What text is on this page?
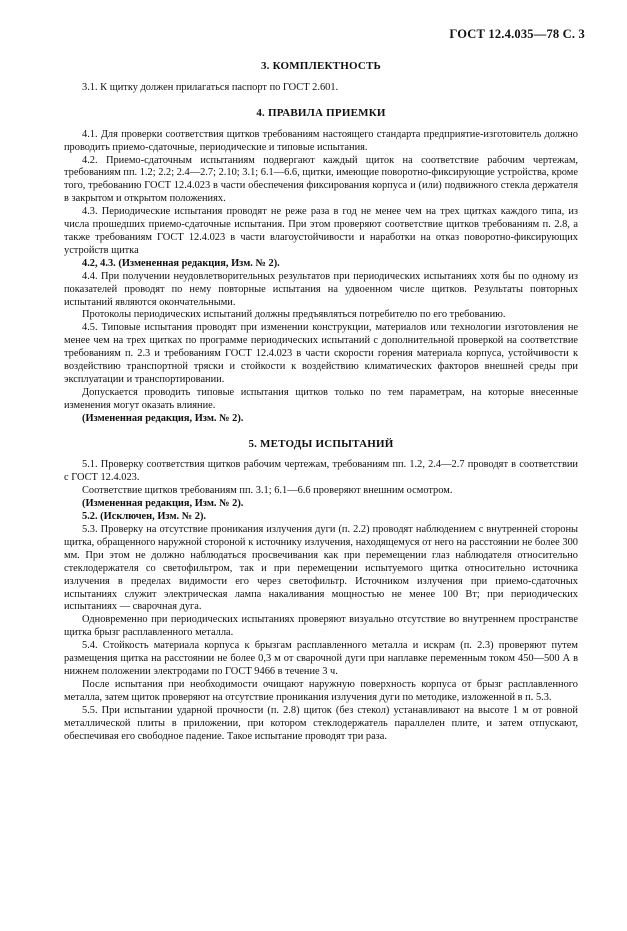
ГОСТ 12.4.035—78 С. 3
3. КОМПЛЕКТНОСТЬ

3.1. К щитку должен прилагаться паспорт по ГОСТ 2.601.

4. ПРАВИЛА ПРИЕМКИ

4.1. Для проверки соответствия щитков требованиям настоящего стандарта предприятие-изготовитель должно проводить приемо-сдаточные, периодические и типовые испытания.

4.2. Приемо-сдаточным испытаниям подвергают каждый щиток на соответствие рабочим чертежам, требованиям пп. 1.2; 2.2; 2.4—2.7; 2.10; 3.1; 6.1—6.6, щитки, имеющие поворотно-фиксирующие устройства, кроме того, требованию ГОСТ 12.4.023 в части обеспечения фиксирования корпуса и (или) подвижного стекла держателя в закрытом и открытом положениях.

4.3. Периодические испытания проводят не реже раза в год не менее чем на трех щитках каждого типа, из числа прошедших приемо-сдаточные испытания. При этом проверяют соответствие щитков требованиям п. 2.8, а также требованиям ГОСТ 12.4.023 в части влагоустойчивости и наработки на отказ поворотно-фиксирующих устройств щитка

4.2, 4.3. (Измененная редакция, Изм. № 2).

4.4. При получении неудовлетворительных результатов при периодических испытаниях хотя бы по одному из показателей проводят по нему повторные испытания на удвоенном числе щитков. Результаты повторных испытаний являются окончательными.

Протоколы периодических испытаний должны предъявляться потребителю по его требованию.

4.5. Типовые испытания проводят при изменении конструкции, материалов или технологии изготовления не менее чем на трех щитках по программе периодических испытаний с дополнительной проверкой на соответствие требованиям п. 2.3 и требованиям ГОСТ 12.4.023 в части скорости горения материала корпуса, устойчивости к воздействию транспортной тряски и стойкости к воздействию климатических факторов внешней среды при эксплуатации и транспортировании.

Допускается проводить типовые испытания щитков только по тем параметрам, на которые внесенные изменения могут оказать влияние.

(Измененная редакция, Изм. № 2).

5. МЕТОДЫ ИСПЫТАНИЙ

5.1. Проверку соответствия щитков рабочим чертежам, требованиям пп. 1.2, 2.4—2.7 проводят в соответствии с ГОСТ 12.4.023.

Соответствие щитков требованиям пп. 3.1; 6.1—6.6 проверяют внешним осмотром.

(Измененная редакция, Изм. № 2).

5.2. (Исключен, Изм. № 2).

5.3. Проверку на отсутствие проникания излучения дуги (п. 2.2) проводят наблюдением с внутренней стороны щитка, обращенного наружной стороной к источнику излучения, находящемуся от него на расстоянии не более 300 мм. При этом не должно наблюдаться просвечивания как при перемещении глаз наблюдателя относительно стеклодержателя со светофильтром, так и при перемещении испытуемого щитка относительно источника излучения в пределах видимости его через светофильтр. Источником излучения при приемо-сдаточных испытаниях служит электрическая лампа накаливания мощностью не менее 100 Вт; при периодических испытаниях — сварочная дуга.

Одновременно при периодических испытаниях проверяют визуально отсутствие во внутреннем пространстве щитка брызг расплавленного металла.

5.4. Стойкость материала корпуса к брызгам расплавленного металла и искрам (п. 2.3) проверяют путем размещения щитка на расстоянии не более 0,3 м от сварочной дуги при наплавке переменным током 450—500 А в нижнем положении электродами по ГОСТ 9466 в течение 3 ч.

После испытания при необходимости очищают наружную поверхность корпуса от брызг расплавленного металла, затем щиток проверяют на отсутствие проникания излучения дуги по методике, изложенной в п. 5.3.

5.5. При испытании ударной прочности (п. 2.8) щиток (без стекол) устанавливают на высоте 1 м от ровной металлической плиты в приложении, при котором стеклодержатель параллелен плите, и затем отпускают, обеспечивая его свободное падение. Такое испытание проводят три раза.
